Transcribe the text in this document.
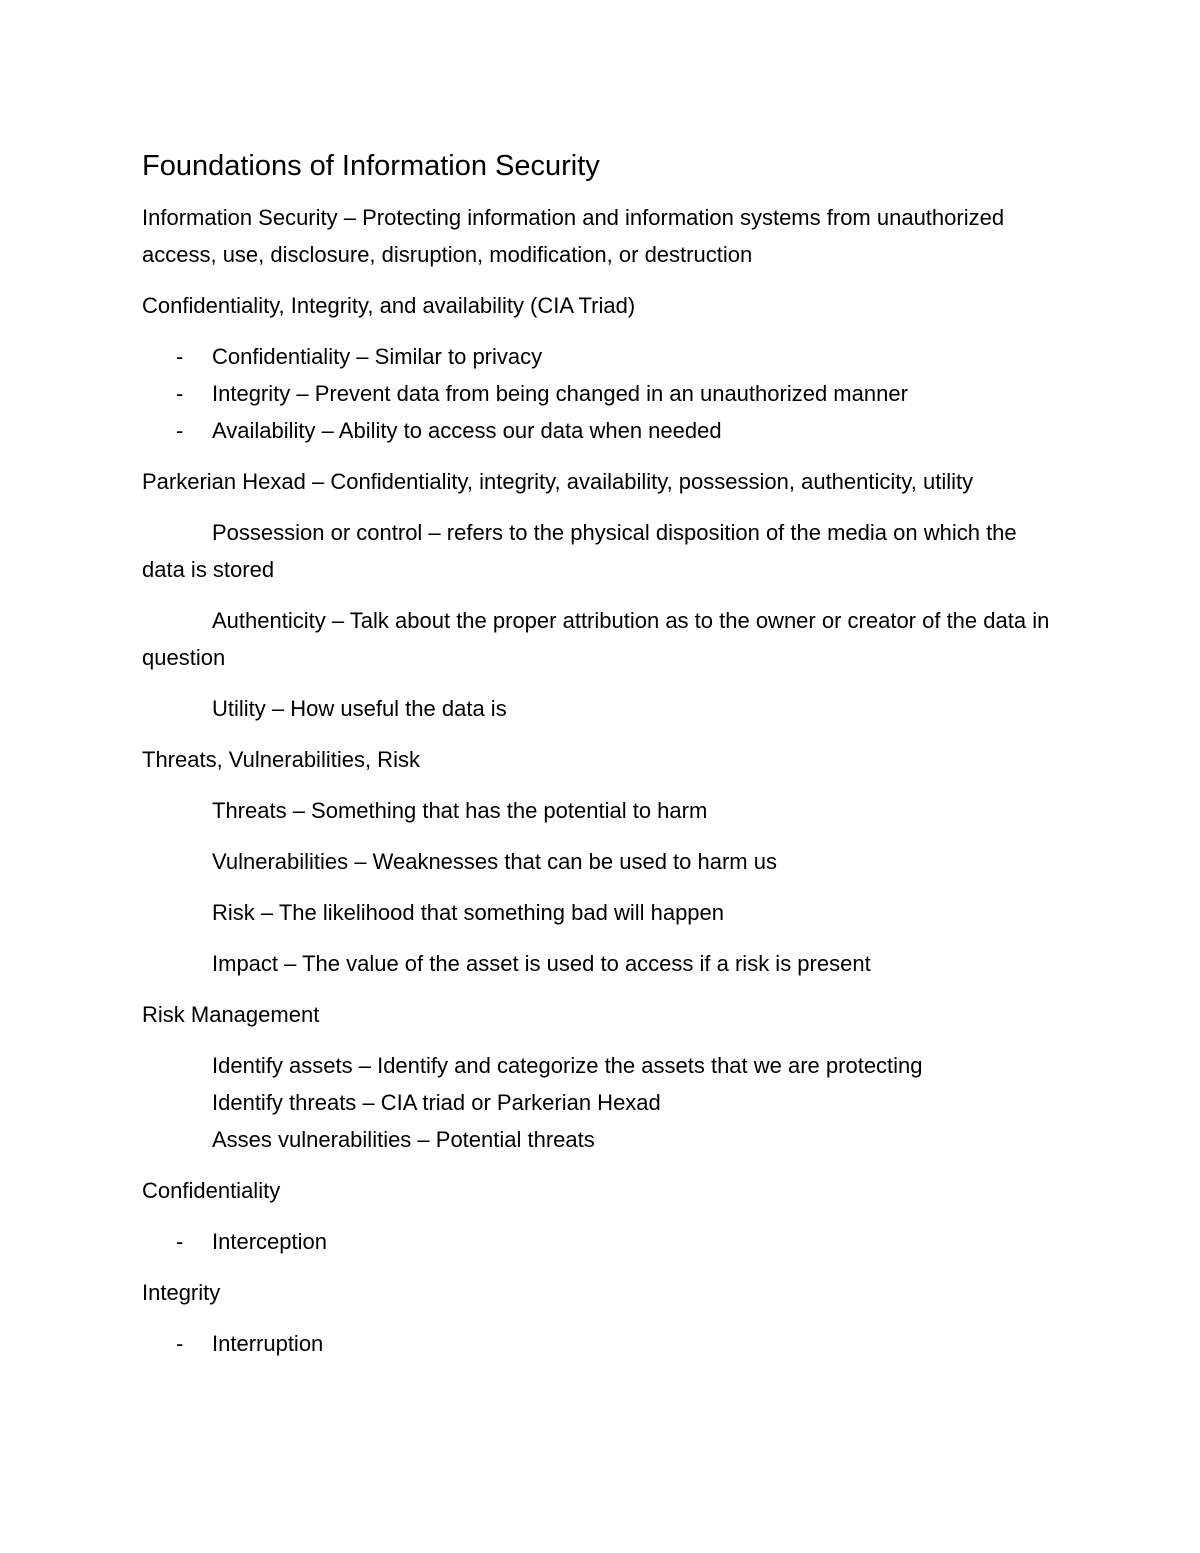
Foundations of Information Security

Information Security – Protecting information and information systems from unauthorized access, use, disclosure, disruption, modification, or destruction

Confidentiality, Integrity, and availability (CIA Triad)

- Confidentiality – Similar to privacy
- Integrity – Prevent data from being changed in an unauthorized manner
- Availability – Ability to access our data when needed

Parkerian Hexad – Confidentiality, integrity, availability, possession, authenticity, utility

Possession or control – refers to the physical disposition of the media on which the data is stored

Authenticity – Talk about the proper attribution as to the owner or creator of the data in question

Utility – How useful the data is

Threats, Vulnerabilities, Risk

Threats – Something that has the potential to harm

Vulnerabilities – Weaknesses that can be used to harm us

Risk – The likelihood that something bad will happen

Impact – The value of the asset is used to access if a risk is present

Risk Management

Identify assets – Identify and categorize the assets that we are protecting

Identify threats – CIA triad or Parkerian Hexad

Asses vulnerabilities – Potential threats

Confidentiality

- Interception

Integrity

- Interruption
